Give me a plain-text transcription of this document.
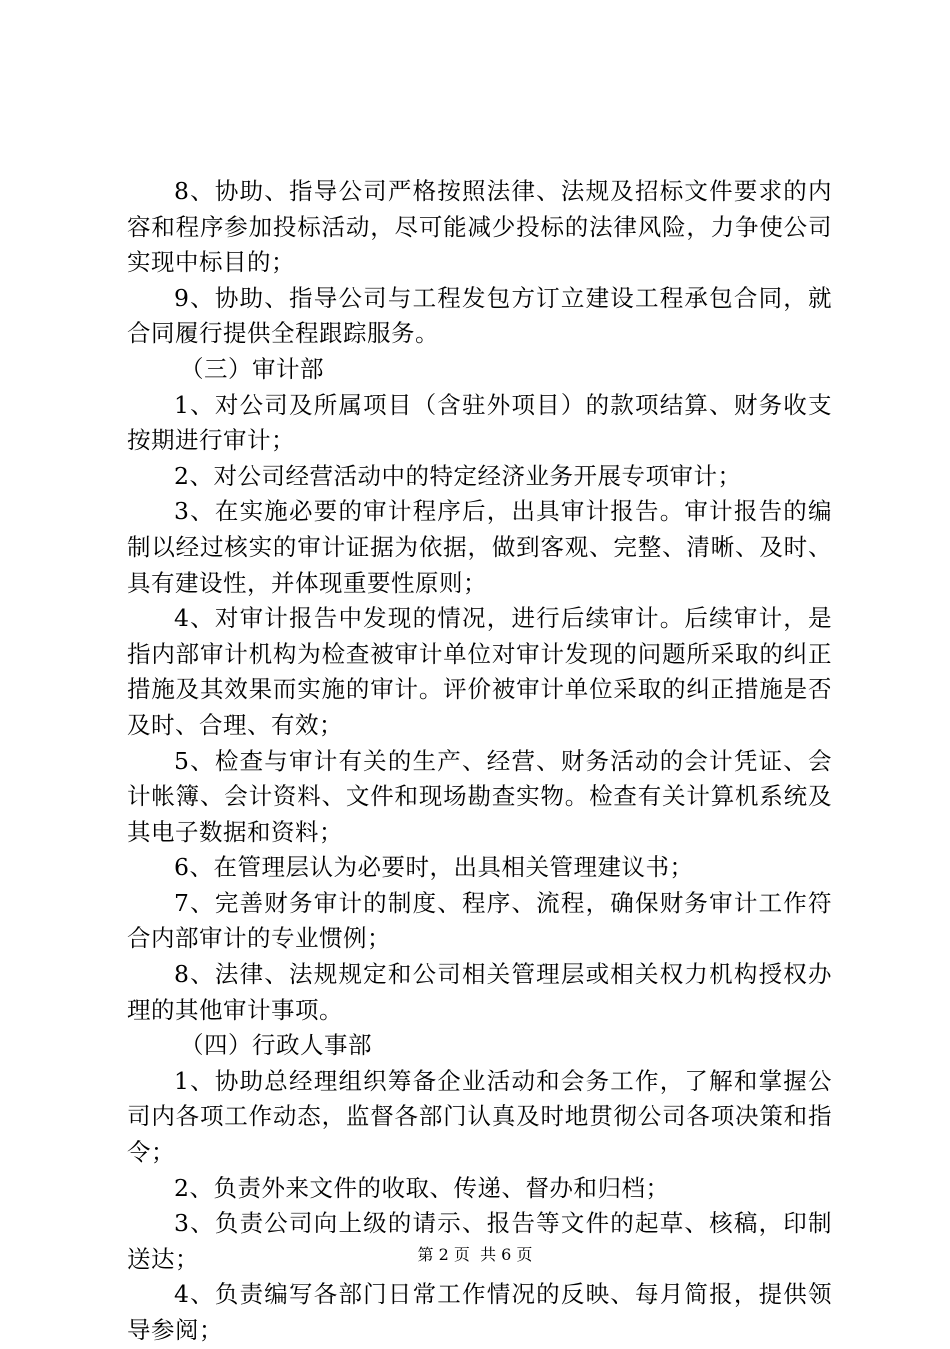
8、协助、指导公司严格按照法律、法规及招标文件要求的内容和程序参加投标活动，尽可能减少投标的法律风险，力争使公司实现中标目的；

9、协助、指导公司与工程发包方订立建设工程承包合同，就合同履行提供全程跟踪服务。

（三）审计部

1、对公司及所属项目（含驻外项目）的款项结算、财务收支按期进行审计；

2、对公司经营活动中的特定经济业务开展专项审计；

3、在实施必要的审计程序后，出具审计报告。审计报告的编制以经过核实的审计证据为依据，做到客观、完整、清晰、及时、具有建设性，并体现重要性原则；

4、对审计报告中发现的情况，进行后续审计。后续审计，是指内部审计机构为检查被审计单位对审计发现的问题所采取的纠正措施及其效果而实施的审计。评价被审计单位采取的纠正措施是否及时、合理、有效；

5、检查与审计有关的生产、经营、财务活动的会计凭证、会计帐簿、会计资料、文件和现场勘查实物。检查有关计算机系统及其电子数据和资料；

6、在管理层认为必要时，出具相关管理建议书；

7、完善财务审计的制度、程序、流程，确保财务审计工作符合内部审计的专业惯例；

8、法律、法规规定和公司相关管理层或相关权力机构授权办理的其他审计事项。

（四）行政人事部

1、协助总经理组织筹备企业活动和会务工作，了解和掌握公司内各项工作动态，监督各部门认真及时地贯彻公司各项决策和指令；

2、负责外来文件的收取、传递、督办和归档；

3、负责公司向上级的请示、报告等文件的起草、核稿，印制送达；

4、负责编写各部门日常工作情况的反映、每月简报，提供领导参阅；

第 2 页  共 6 页
